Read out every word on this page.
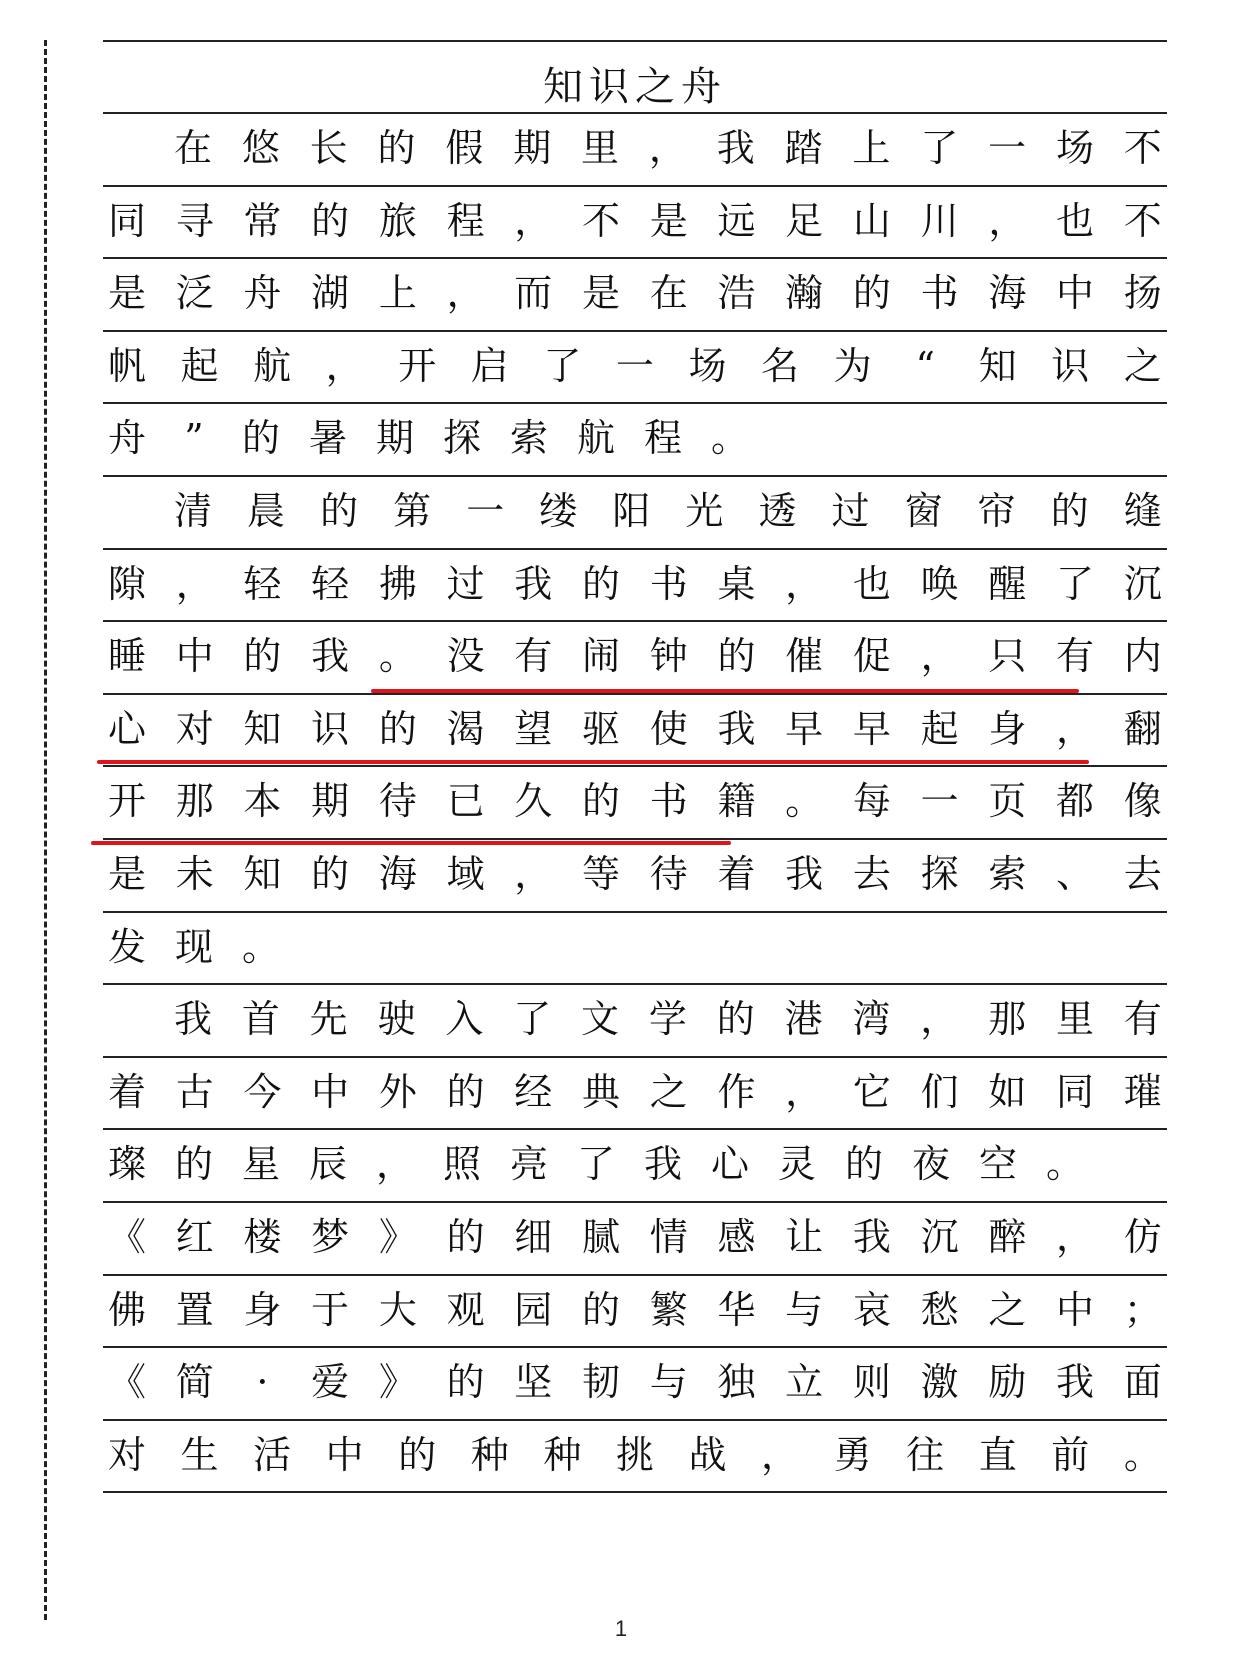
知识之舟
在 悠 长 的 假 期 里 ， 我 踏 上 了 一 场 不
同 寻 常 的 旅 程 ， 不 是 远 足 山 川 ， 也 不
是 泛 舟 湖 上 ， 而 是 在 浩 瀚 的 书 海 中 扬
帆 起 航 ， 开 启 了 一 场 名 为	“	知 识 之
舟	”	的 暑 期 探 索 航 程 。
清 晨 的 第 一 缕 阳 光 透 过 窗 帘 的 缝
隙 ， 轻 轻 拂 过 我 的 书 桌 ， 也 唤 醒 了 沉
睡 中 的 我 。 没 有 闹 钟 的 催 促 ， 只 有 内
心 对 知 识 的 渴 望 驱 使 我 早 早 起 身 ， 翻
开 那 本 期 待 已 久 的 书 籍 。 每 一 页 都 像
是 未 知 的 海 域 ， 等 待 着 我 去 探 索 、 去
发 现 。
我 首 先 驶 入 了 文 学 的 港 湾 ， 那 里 有
着 古 今 中 外 的 经 典 之 作 ， 它 们 如 同 璀
璨 的 星 辰 ， 照 亮 了 我 心 灵 的 夜 空 。
《 红 楼 梦 》 的 细 腻 情 感 让 我 沉 醉 ， 仿
佛 置 身 于 大 观 园 的 繁 华 与 哀 愁 之 中 ；
《 简	·	爱 》 的 坚 韧 与 独 立 则 激 励 我 面
对 生 活 中 的 种 种 挑 战 ， 勇 往 直 前 。
1
